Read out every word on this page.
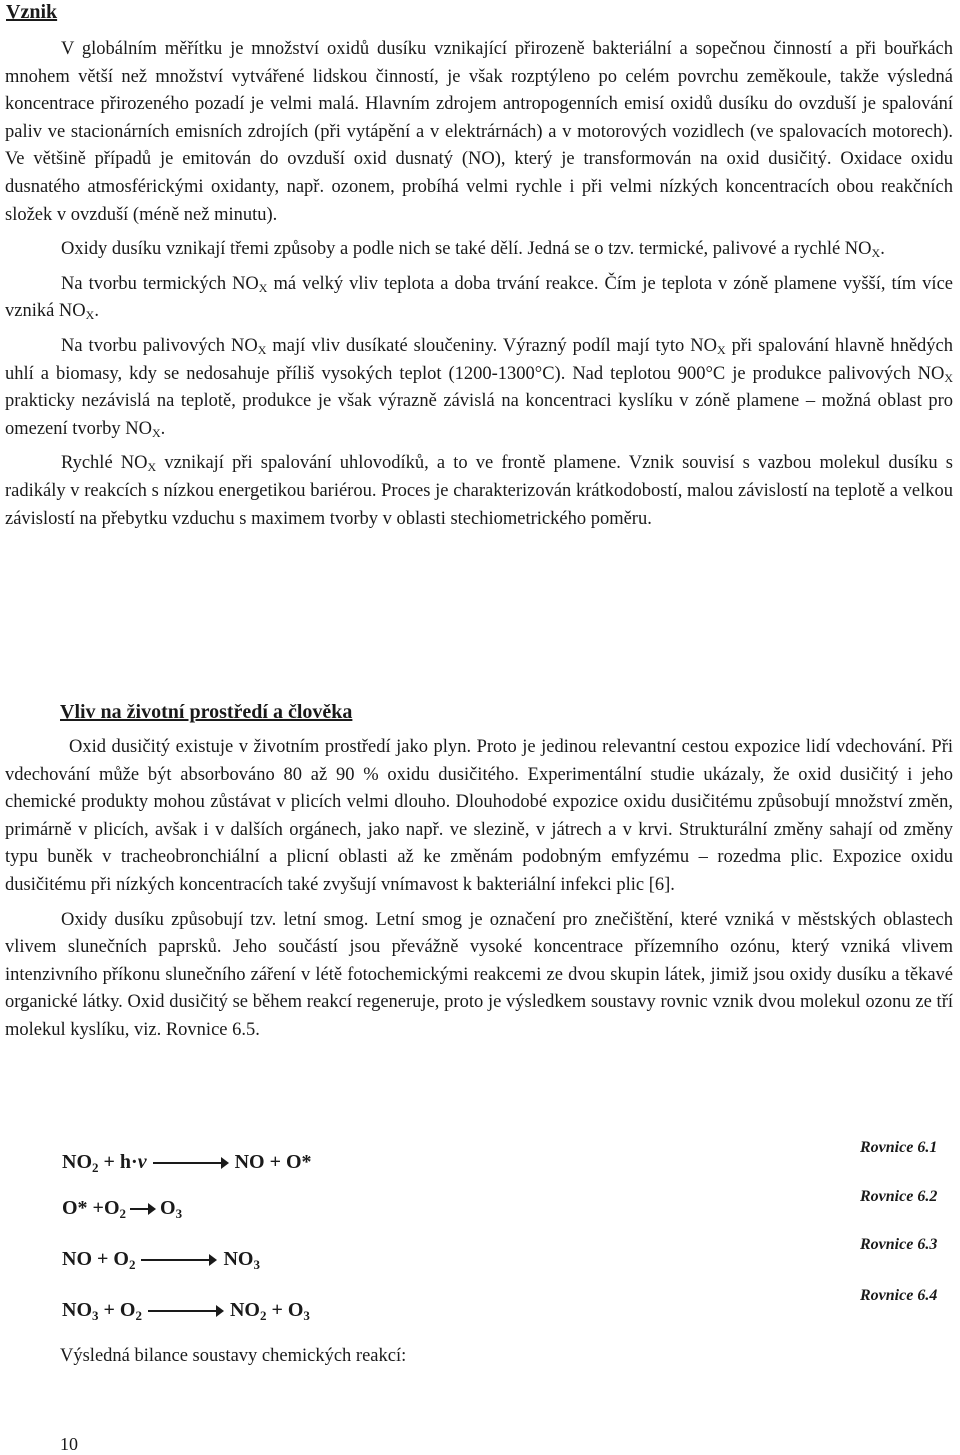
Vznik

V globálním měřítku je množství oxidů dusíku vznikající přirozeně bakteriální a sopečnou činností a při bouřkách mnohem větší než množství vytvářené lidskou činností, je však rozptýleno po celém povrchu zeměkoule, takže výsledná koncentrace přirozeného pozadí je velmi malá. Hlavním zdrojem antropogenních emisí oxidů dusíku do ovzduší je spalování paliv ve stacionárních emisních zdrojích (při vytápění a v elektrárnách) a v motorových vozidlech (ve spalovacích motorech). Ve většině případů je emitován do ovzduší oxid dusnatý (NO), který je transformován na oxid dusičitý. Oxidace oxidu dusnatého atmosférickými oxidanty, např. ozonem, probíhá velmi rychle i při velmi nízkých koncentracích obou reakčních složek v ovzduší (méně než minutu).

Oxidy dusíku vznikají třemi způsoby a podle nich se také dělí. Jedná se o tzv. termické, palivové a rychlé $NO_X$.

Na tvorbu termických $NO_X$ má velký vliv teplota a doba trvání reakce. Čím je teplota v zóně plamene vyšší, tím více vzniká $NO_X$.

Na tvorbu palivových $NO_X$ mají vliv dusíkaté sloučeniny. Výrazný podíl mají tyto $NO_X$ při spalování hlavně hnědých uhlí a biomasy, kdy se nedosahuje příliš vysokých teplot (1200-1300°C). Nad teplotou 900°C je produkce palivových $NO_X$ prakticky nezávislá na teplotě, produkce je však výrazně závislá na koncentraci kyslíku v zóně plamene – možná oblast pro omezení tvorby $NO_X$.

Rychlé $NO_X$ vznikají při spalování uhlovodíků, a to ve frontě plamene. Vznik souvisí s vazbou molekul dusíku s radikály v reakcích s nízkou energetikou bariérou. Proces je charakterizován krátkodobostí, malou závislostí na teplotě a velkou závislostí na přebytku vzduchu s maximem tvorby v oblasti stechiometrického poměru.

Vliv na životní prostředí a člověka

Oxid dusičitý existuje v životním prostředí jako plyn. Proto je jedinou relevantní cestou expozice lidí vdechování. Při vdechování může být absorbováno 80 až 90 % oxidu dusičitého. Experimentální studie ukázaly, že oxid dusičitý i jeho chemické produkty mohou zůstávat v plicích velmi dlouho. Dlouhodobé expozice oxidu dusičitému způsobují množství změn, primárně v plicích, avšak i v dalších orgánech, jako např. ve slezině, v játrech a v krvi. Strukturální změny sahají od změny typu buněk v tracheobronchiální a plicní oblasti až ke změnám podobným emfyzému – rozedma plic. Expozice oxidu dusičitému při nízkých koncentracích také zvyšují vnímavost k bakteriální infekci plic [6].

Oxidy dusíku způsobují tzv. letní smog. Letní smog je označení pro znečištění, které vzniká v městských oblastech vlivem slunečních paprsků. Jeho součástí jsou převážně vysoké koncentrace přízemního ozónu, který vzniká vlivem intenzivního příkonu slunečního záření v létě fotochemickými reakcemi ze dvou skupin látek, jimiž jsou oxidy dusíku a těkavé organické látky. Oxid dusičitý se během reakcí regeneruje, proto je výsledkem soustavy rovnic vznik dvou molekul ozonu ze tří molekul kyslíku, viz. Rovnice 6.5.

$NO_2 + h\cdot v$	NO + O*
Rovnice 6.1
$O* +O_2$ $O_3$
Rovnice 6.2
NO + $O_2$	$NO_3$
Rovnice 6.3
$NO_3 + O_2$	$NO_2 + O_3$
Rovnice 6.4
Výsledná bilance soustavy chemických reakcí:
10
